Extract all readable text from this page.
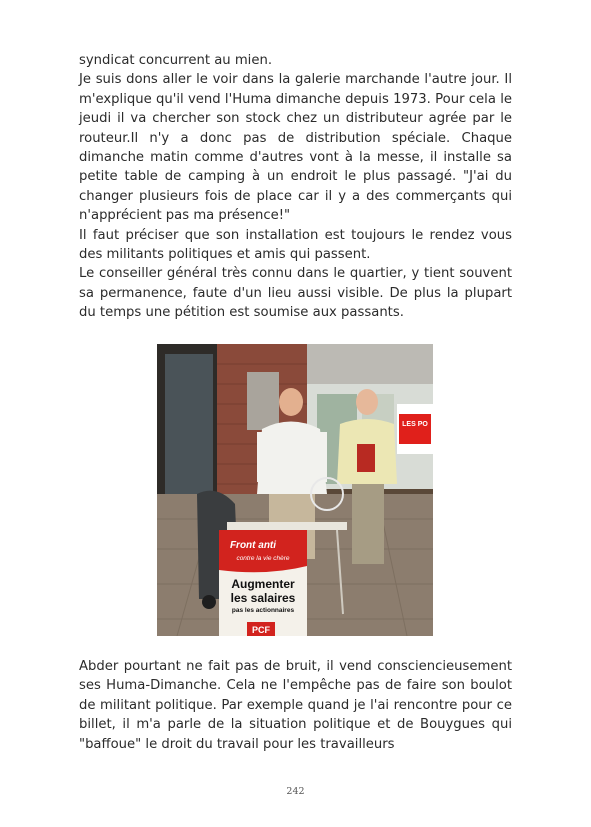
syndicat concurrent au mien.

Je suis dons aller le voir dans la galerie marchande l'autre jour. Il m'explique qu'il vend l'Huma dimanche depuis 1973. Pour cela le jeudi il va chercher son stock chez un distributeur agrée par le routeur.Il n'y a donc pas de distribution spéciale. Chaque dimanche matin comme d'autres vont à la messe, il installe sa petite table de camping à un endroit le plus passagé. "J'ai du changer plusieurs fois de place car il y a des commerçants qui n'apprécient pas ma présence!"

Il faut préciser que son installation est toujours le rendez vous des militants politiques et amis qui passent.

Le conseiller général très connu dans le quartier, y tient souvent sa permanence, faute d'un lieu aussi visible. De plus la plupart du temps une pétition est soumise aux passants.

LES PO
Front anti
contre la vie chère
Augmenter
les salaires
pas les actionnaires
PCF

Abder pourtant ne fait pas de bruit, il vend consciencieusement ses Huma-Dimanche. Cela ne l'empêche pas de faire son boulot de militant politique. Par exemple quand je l'ai rencontre pour ce billet, il m'a parle de la situation politique et de Bouygues qui "baffoue" le droit du travail pour les travailleurs

242
